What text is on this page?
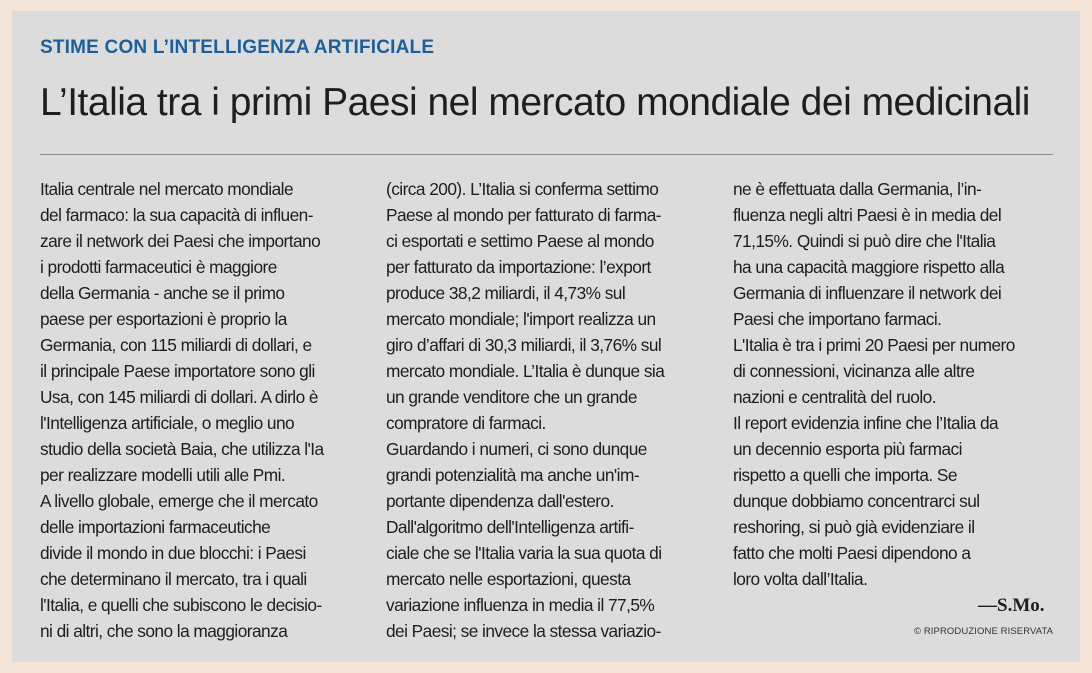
STIME CON L’INTELLIGENZA ARTIFICIALE
L’Italia tra i primi Paesi nel mercato mondiale dei medicinali
Italia centrale nel mercato mondiale
del farmaco: la sua capacità di influen-
zare il network dei Paesi che importano
i prodotti farmaceutici è maggiore
della Germania - anche se il primo
paese per esportazioni è proprio la
Germania, con 115 miliardi di dollari, e
il principale Paese importatore sono gli
Usa, con 145 miliardi di dollari. A dirlo è
l'Intelligenza artificiale, o meglio uno
studio della società Baia, che utilizza l'Ia
per realizzare modelli utili alle Pmi.
A livello globale, emerge che il mercato
delle importazioni farmaceutiche
divide il mondo in due blocchi: i Paesi
che determinano il mercato, tra i quali
l'Italia, e quelli che subiscono le decisio-
ni di altri, che sono la maggioranza
(circa 200). L’Italia si conferma settimo
Paese al mondo per fatturato di farma-
ci esportati e settimo Paese al mondo
per fatturato da importazione: l’export
produce 38,2 miliardi, il 4,73% sul
mercato mondiale; l'import realizza un
giro d’affari di 30,3 miliardi, il 3,76% sul
mercato mondiale. L’Italia è dunque sia
un grande venditore che un grande
compratore di farmaci.
Guardando i numeri, ci sono dunque
grandi potenzialità ma anche un'im-
portante dipendenza dall'estero.
Dall'algoritmo dell'Intelligenza artifi-
ciale che se l'Italia varia la sua quota di
mercato nelle esportazioni, questa
variazione influenza in media il 77,5%
dei Paesi; se invece la stessa variazio-
ne è effettuata dalla Germania, l’in-
fluenza negli altri Paesi è in media del
71,15%. Quindi si può dire che l'Italia
ha una capacità maggiore rispetto alla
Germania di influenzare il network dei
Paesi che importano farmaci.
L'Italia è tra i primi 20 Paesi per numero
di connessioni, vicinanza alle altre
nazioni e centralità del ruolo.
Il report evidenzia infine che l’Italia da
un decennio esporta più farmaci
rispetto a quelli che importa. Se
dunque dobbiamo concentrarci sul
reshoring, si può già evidenziare il
fatto che molti Paesi dipendono a
loro volta dall’Italia.

—S.Mo.

© RIPRODUZIONE RISERVATA
